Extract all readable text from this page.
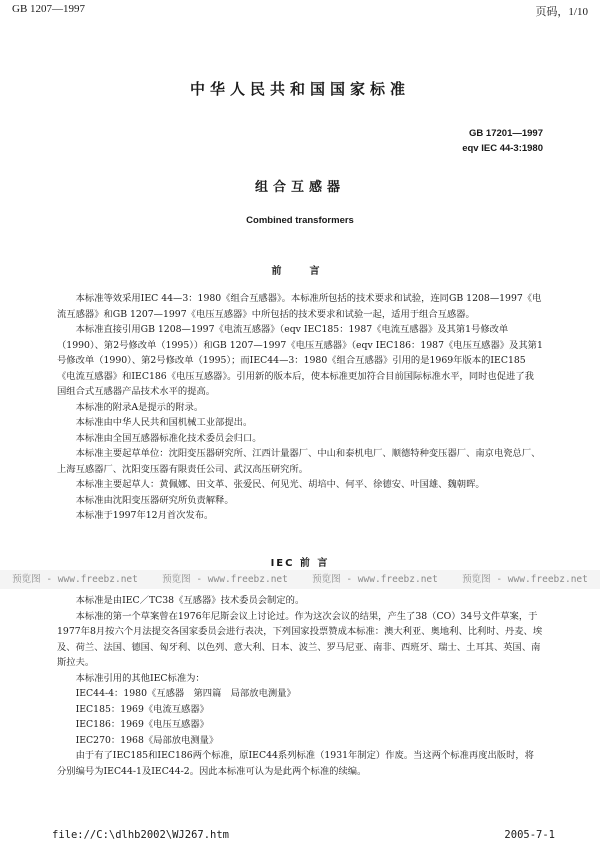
GB 1207—1997	页码，1/10
中华人民共和国国家标准
GB 17201—1997
eqv IEC 44-3:1980
组合互感器
Combined transformers
前　言

本标准等效采用IEC 44—3：1980《组合互感器》。本标准所包括的技术要求和试验，连同GB 1208—1997《电流互感器》和GB 1207—1997《电压互感器》中所包括的技术要求和试验一起，适用于组合互感器。

本标准直接引用GB 1208—1997《电流互感器》（eqv IEC185：1987《电流互感器》及其第1号修改单（1990）、第2号修改单（1995））和GB 1207—1997《电压互感器》（eqv IEC186：1987《电压互感器》及其第1号修改单（1990）、第2号修改单（1995）；而IEC44—3：1980《组合互感器》引用的是1969年版本的IEC185《电流互感器》和IEC186《电压互感器》。引用新的版本后，使本标准更加符合目前国际标准水平，同时也促进了我国组合式互感器产品技术水平的提高。

本标准的附录A是提示的附录。

本标准由中华人民共和国机械工业部提出。

本标准由全国互感器标准化技术委员会归口。

本标准主要起草单位：沈阳变压器研究所、江西计量器厂、中山和泰机电厂、顺德特种变压器厂、南京电瓷总厂、上海互感器厂、沈阳变压器有限责任公司、武汉高压研究所。

本标准主要起草人：黄佩娜、田文革、张爱民、何见光、胡培中、何平、徐德安、叶国雄、魏朝晖。

本标准由沈阳变压器研究所负责解释。

本标准于1997年12月首次发布。

IEC 前 言
预览图 - www.freebz.net	预览图 - www.freebz.net	预览图 - www.freebz.net	预览图 - www.freebz.net

本标准是由IEC／TC38《互感器》技术委员会制定的。

本标准的第一个草案曾在1976年尼斯会议上讨论过。作为这次会议的结果，产生了38（CO）34号文件草案，于1977年8月按六个月法提交各国家委员会进行表决，下列国家投票赞成本标准：澳大利亚、奥地利、比利时、丹麦、埃及、荷兰、法国、德国、匈牙利、以色列、意大利、日本、波兰、罗马尼亚、南非、西班牙、瑞士、土耳其、英国、南斯拉夫。

本标准引用的其他IEC标准为：

IEC44-4：1980《互感器　第四篇　局部放电测量》

IEC185：1969《电流互感器》

IEC186：1969《电压互感器》

IEC270：1968《局部放电测量》

由于有了IEC185和IEC186两个标准，原IEC44系列标准（1931年制定）作废。当这两个标准再度出版时，将分别编号为IEC44-1及IEC44-2。因此本标准可认为是此两个标准的续编。

file://C:\dlhb2002\WJ267.htm	2005-7-1
